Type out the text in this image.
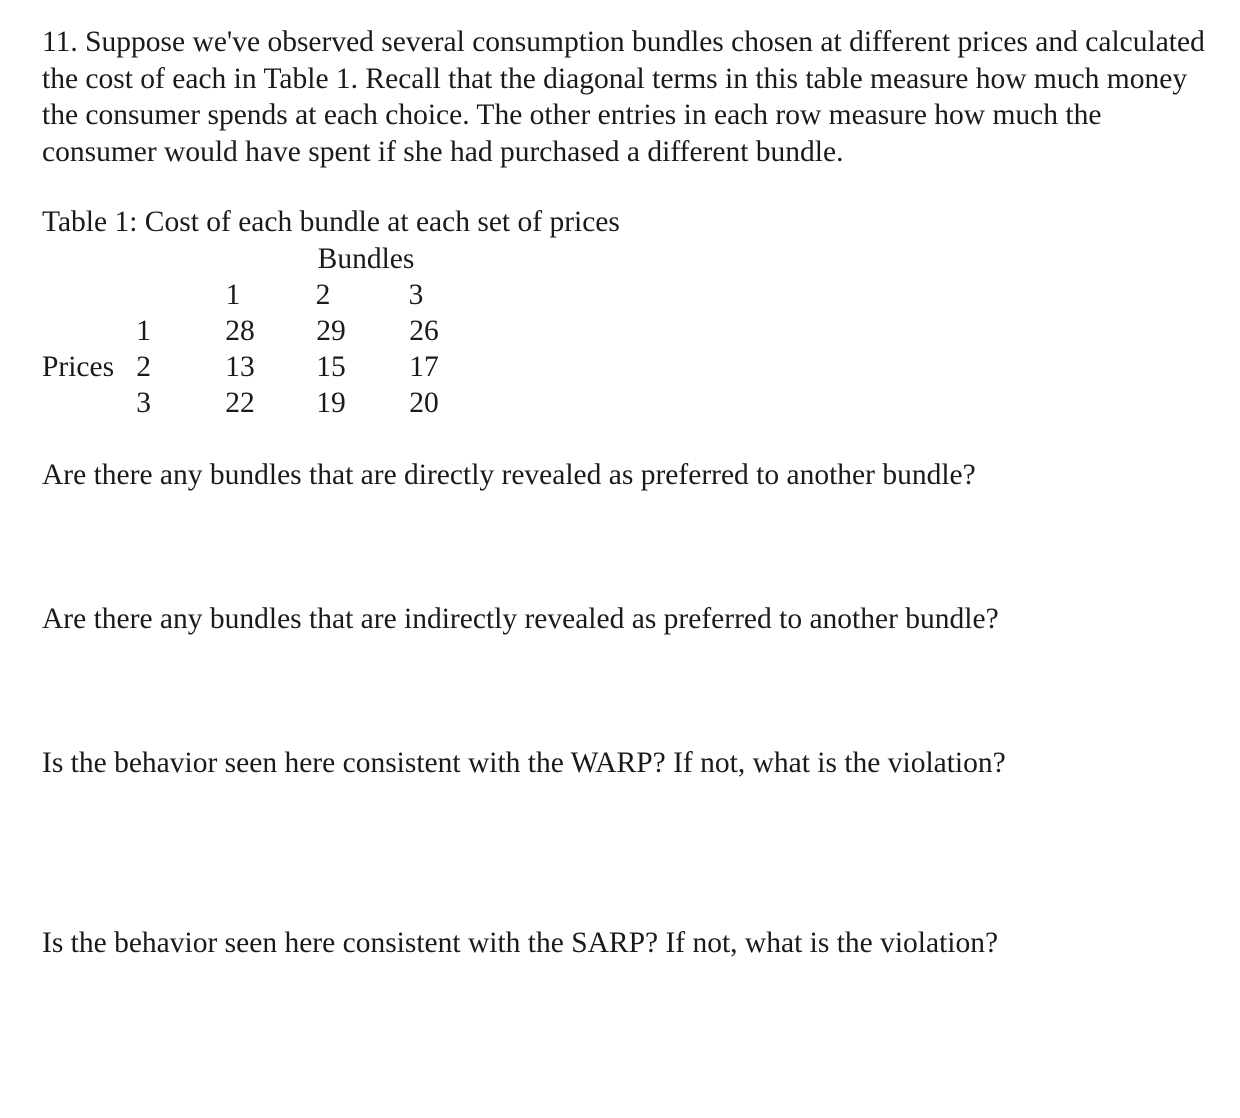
11. Suppose we've observed several consumption bundles chosen at different prices and calculated the cost of each in Table 1. Recall that the diagonal terms in this table measure how much money the consumer spends at each choice. The other entries in each row measure how much the consumer would have spent if she had purchased a different bundle.

Table 1: Cost of each bundle at each set of prices

Bundles
1	2	3
1	28 29 26
Prices 2	13 15 17
3	22 19 20

Are there any bundles that are directly revealed as preferred to another bundle?

Are there any bundles that are indirectly revealed as preferred to another bundle?

Is the behavior seen here consistent with the WARP? If not, what is the violation?

Is the behavior seen here consistent with the SARP? If not, what is the violation?
